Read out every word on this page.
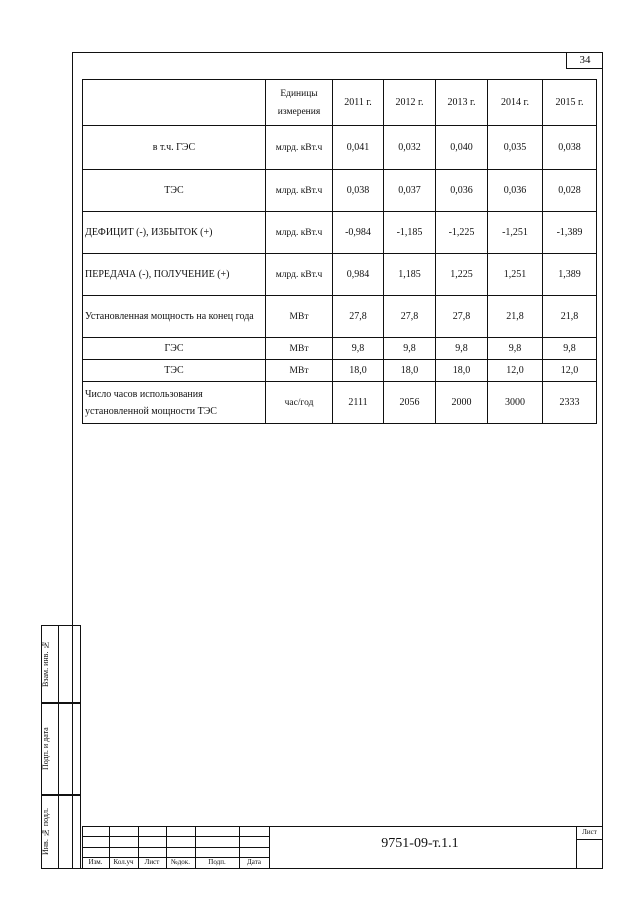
34
	Единицы измерения	2011 г.	2012 г.	2013 г.	2014 г.	2015 г.
в т.ч. ГЭС	млрд. кВт.ч	0,041	0,032	0,040	0,035	0,038
ТЭС	млрд. кВт.ч	0,038	0,037	0,036	0,036	0,028
ДЕФИЦИТ (-), ИЗБЫТОК (+)	млрд. кВт.ч	-0,984	-1,185	-1,225	-1,251	-1,389
ПЕРЕДАЧА (-), ПОЛУЧЕНИЕ (+)	млрд. кВт.ч	0,984	1,185	1,225	1,251	1,389
Установленная мощность на конец года	МВт	27,8	27,8	27,8	21,8	21,8
ГЭС	МВт	9,8	9,8	9,8	9,8	9,8
ТЭС	МВт	18,0	18,0	18,0	12,0	12,0
Число часов использования установленной мощности ТЭС	час/год	2111	2056	2000	3000	2333
Взам. инв. №
Подп. и дата
Инв. № подл.
Изм.	Кол.уч	Лист	№док.	Подп.	Дата
9751-09-т.1.1
Лист
